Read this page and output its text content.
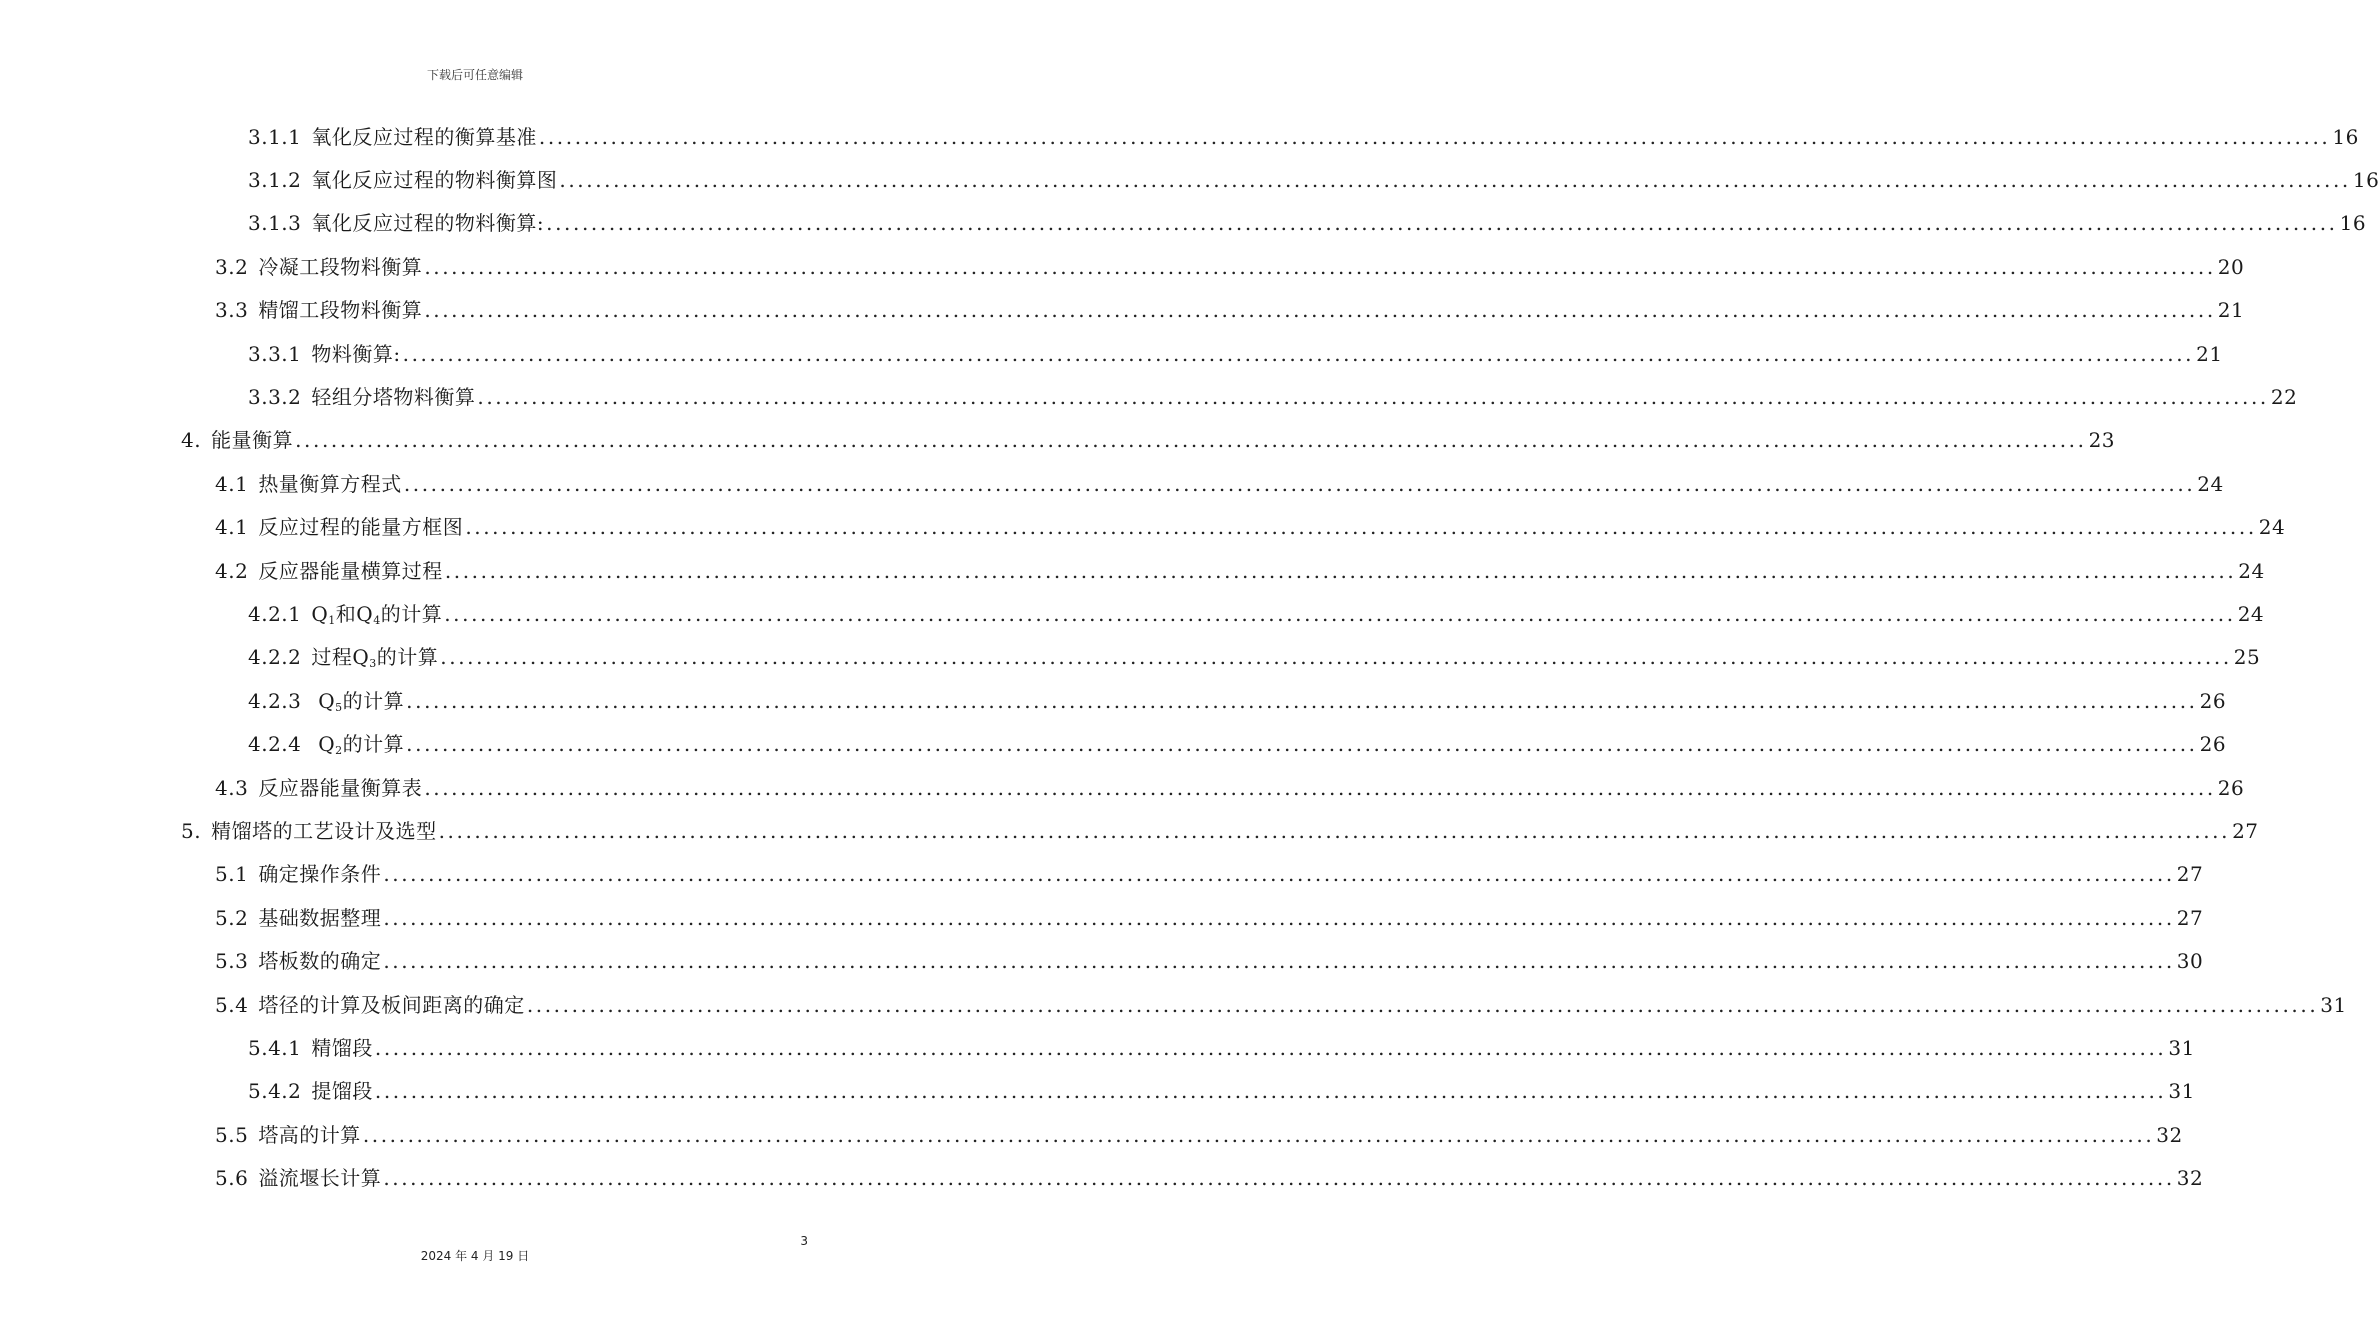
下载后可任意编辑
3.1.1 氧化反应过程的衡算基准 ........................................................................................................................................................................................................ 16
3.1.2 氧化反应过程的物料衡算图 ........................................................................................................................................................................................................ 16
3.1.3 氧化反应过程的物料衡算: ........................................................................................................................................................................................................ 16
3.2 冷凝工段物料衡算 ........................................................................................................................................................................................................ 20
3.3 精馏工段物料衡算 ........................................................................................................................................................................................................ 21
3.3.1 物料衡算: ........................................................................................................................................................................................................ 21
3.3.2 轻组分塔物料衡算 ........................................................................................................................................................................................................ 22
4. 能量衡算 ........................................................................................................................................................................................................ 23
4.1 热量衡算方程式 ........................................................................................................................................................................................................ 24
4.1 反应过程的能量方框图 ........................................................................................................................................................................................................ 24
4.2 反应器能量横算过程 ........................................................................................................................................................................................................ 24
4.2.1 $Q_1$和$Q_4$的计算 ........................................................................................................................................................................................................ 24
4.2.2 过程$Q_3$的计算 ........................................................................................................................................................................................................ 25
4.2.3 $Q_5$的计算 ........................................................................................................................................................................................................ 26
4.2.4 $Q_2$的计算 ........................................................................................................................................................................................................ 26
4.3 反应器能量衡算表 ........................................................................................................................................................................................................ 26
5. 精馏塔的工艺设计及选型 ........................................................................................................................................................................................................ 27
5.1 确定操作条件 ........................................................................................................................................................................................................ 27
5.2 基础数据整理 ........................................................................................................................................................................................................ 27
5.3 塔板数的确定 ........................................................................................................................................................................................................ 30
5.4 塔径的计算及板间距离的确定 ........................................................................................................................................................................................................ 31
5.4.1 精馏段 ........................................................................................................................................................................................................ 31
5.4.2 提馏段 ........................................................................................................................................................................................................ 31
5.5 塔高的计算 ........................................................................................................................................................................................................ 32
5.6 溢流堰长计算 ........................................................................................................................................................................................................ 32
3
2024 年 4 月 19 日
